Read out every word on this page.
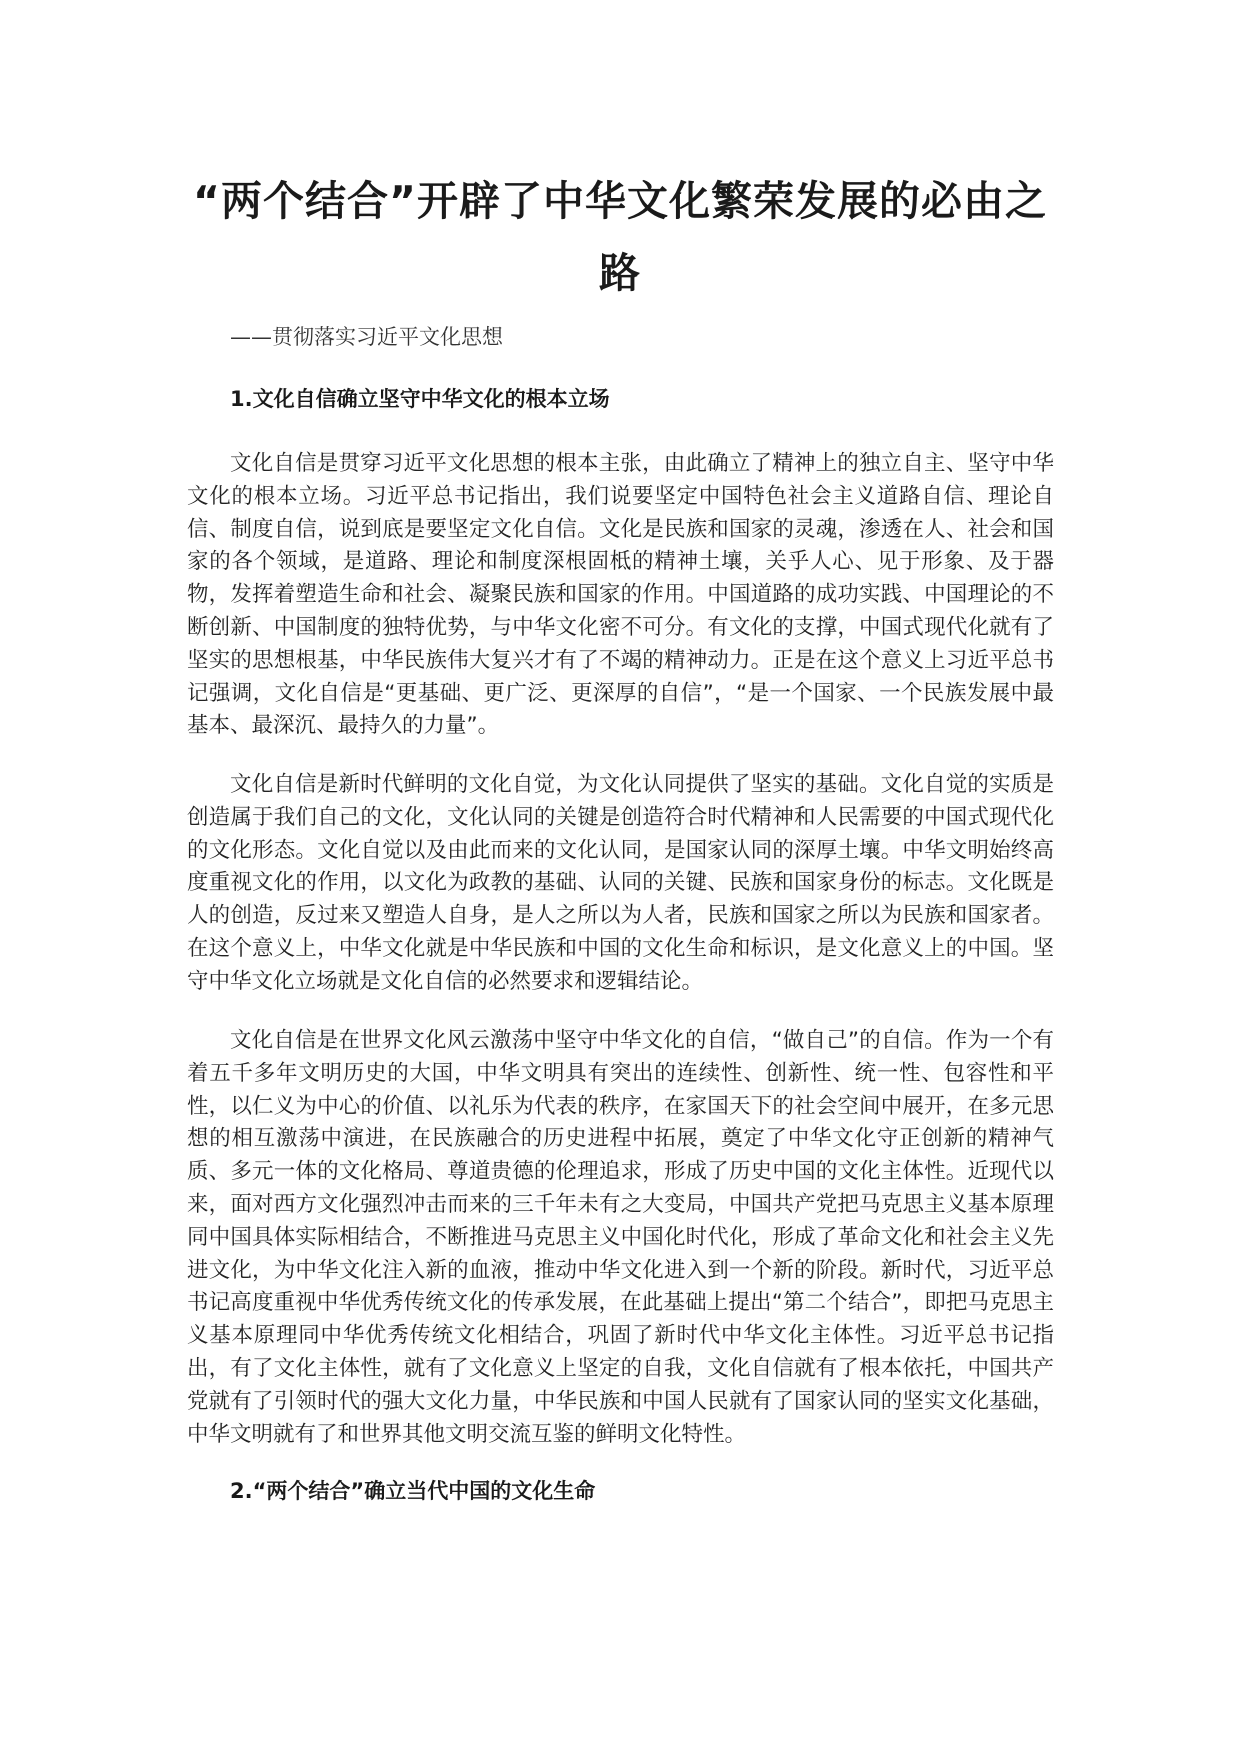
“两个结合”开辟了中华文化繁荣发展的必由之路
——贯彻落实习近平文化思想
1.文化自信确立坚守中华文化的根本立场

文化自信是贯穿习近平文化思想的根本主张，由此确立了精神上的独立自主、坚守中华文化的根本立场。习近平总书记指出，我们说要坚定中国特色社会主义道路自信、理论自信、制度自信，说到底是要坚定文化自信。文化是民族和国家的灵魂，渗透在人、社会和国家的各个领域，是道路、理论和制度深根固柢的精神土壤，关乎人心、见于形象、及于器物，发挥着塑造生命和社会、凝聚民族和国家的作用。中国道路的成功实践、中国理论的不断创新、中国制度的独特优势，与中华文化密不可分。有文化的支撑，中国式现代化就有了坚实的思想根基，中华民族伟大复兴才有了不竭的精神动力。正是在这个意义上习近平总书记强调，文化自信是“更基础、更广泛、更深厚的自信”，“是一个国家、一个民族发展中最基本、最深沉、最持久的力量”。

文化自信是新时代鲜明的文化自觉，为文化认同提供了坚实的基础。文化自觉的实质是创造属于我们自己的文化，文化认同的关键是创造符合时代精神和人民需要的中国式现代化的文化形态。文化自觉以及由此而来的文化认同，是国家认同的深厚土壤。中华文明始终高度重视文化的作用，以文化为政教的基础、认同的关键、民族和国家身份的标志。文化既是人的创造，反过来又塑造人自身，是人之所以为人者，民族和国家之所以为民族和国家者。在这个意义上，中华文化就是中华民族和中国的文化生命和标识，是文化意义上的中国。坚守中华文化立场就是文化自信的必然要求和逻辑结论。

文化自信是在世界文化风云激荡中坚守中华文化的自信，“做自己”的自信。作为一个有着五千多年文明历史的大国，中华文明具有突出的连续性、创新性、统一性、包容性和平性，以仁义为中心的价值、以礼乐为代表的秩序，在家国天下的社会空间中展开，在多元思想的相互激荡中演进，在民族融合的历史进程中拓展，奠定了中华文化守正创新的精神气质、多元一体的文化格局、尊道贵德的伦理追求，形成了历史中国的文化主体性。近现代以来，面对西方文化强烈冲击而来的三千年未有之大变局，中国共产党把马克思主义基本原理同中国具体实际相结合，不断推进马克思主义中国化时代化，形成了革命文化和社会主义先进文化，为中华文化注入新的血液，推动中华文化进入到一个新的阶段。新时代，习近平总书记高度重视中华优秀传统文化的传承发展，在此基础上提出“第二个结合”，即把马克思主义基本原理同中华优秀传统文化相结合，巩固了新时代中华文化主体性。习近平总书记指出，有了文化主体性，就有了文化意义上坚定的自我，文化自信就有了根本依托，中国共产党就有了引领时代的强大文化力量，中华民族和中国人民就有了国家认同的坚实文化基础，中华文明就有了和世界其他文明交流互鉴的鲜明文化特性。

2.“两个结合”确立当代中国的文化生命
